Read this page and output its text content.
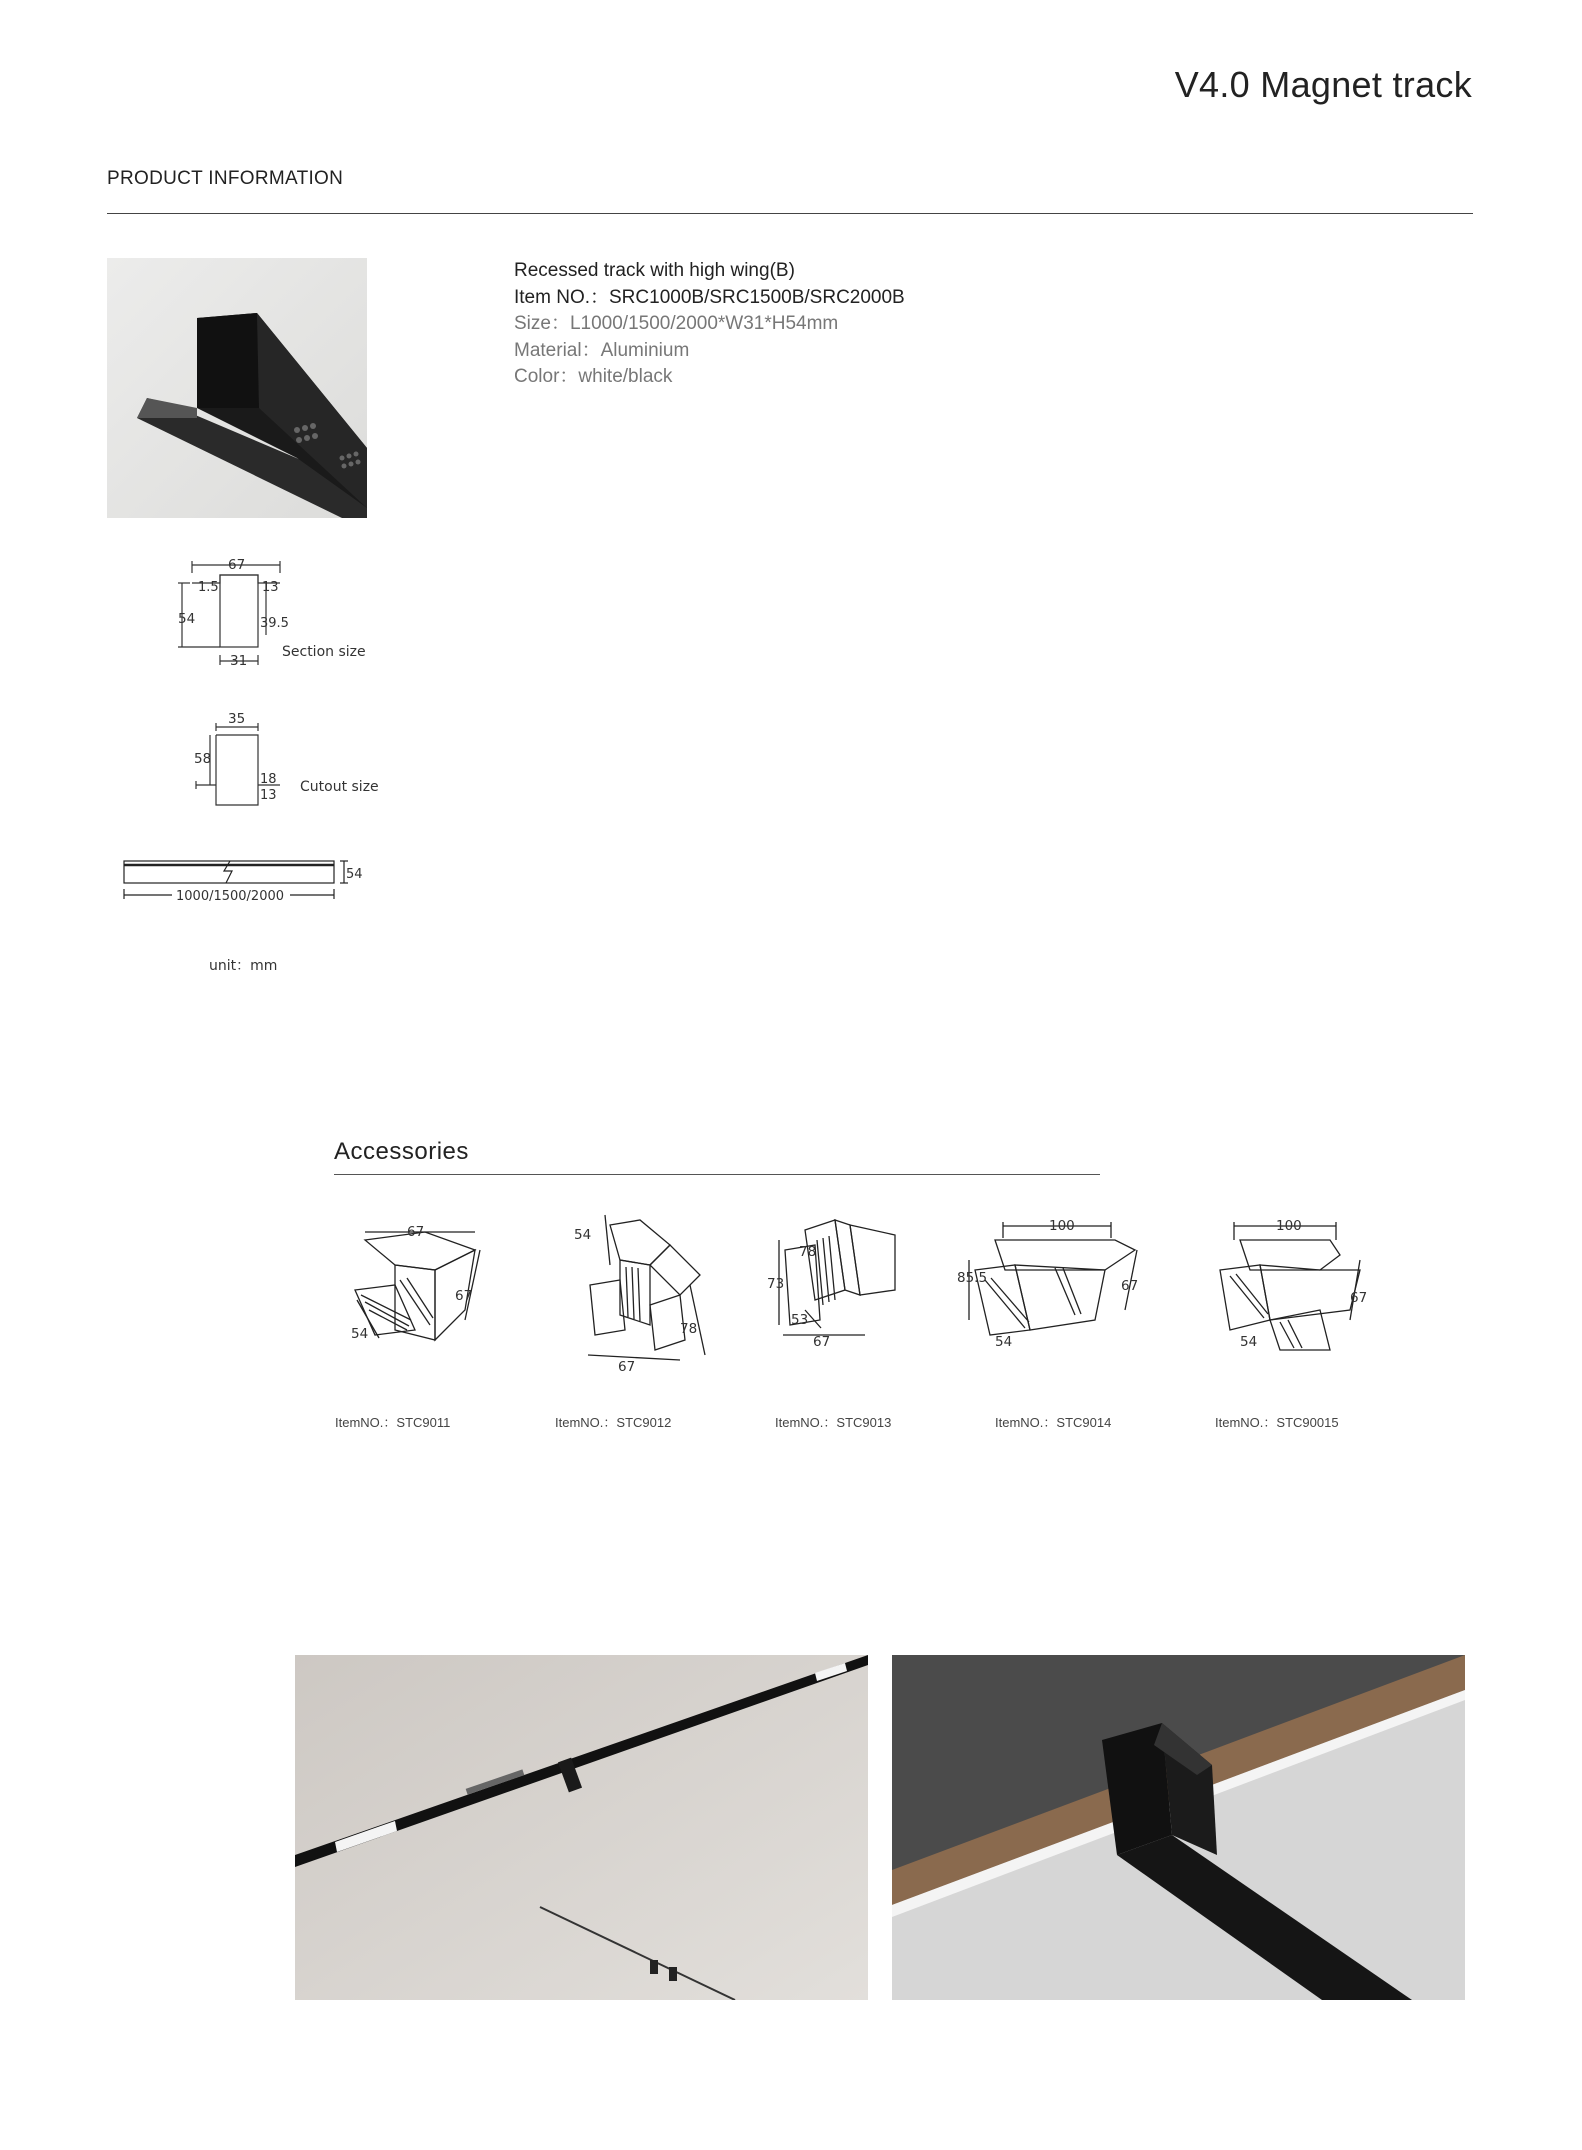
V4.0 Magnet track
PRODUCT INFORMATION
Recessed track with high wing(B)
Item NO.：SRC1000B/SRC1500B/SRC2000B
Size：L1000/1500/2000*W31*H54mm
Material：Aluminium
Color：white/black
67
1.5	13
54	39.5
31
Section size
35
58
18
13
Cutout size
54
1000/1500/2000
unit：mm
Accessories
67
67
54
ItemNO.：STC9011
54
78
67
ItemNO.：STC9012
73
78
53
67
ItemNO.：STC9013
100
85.5	67
54
ItemNO.：STC9014
100
67
54
ItemNO.：STC90015
